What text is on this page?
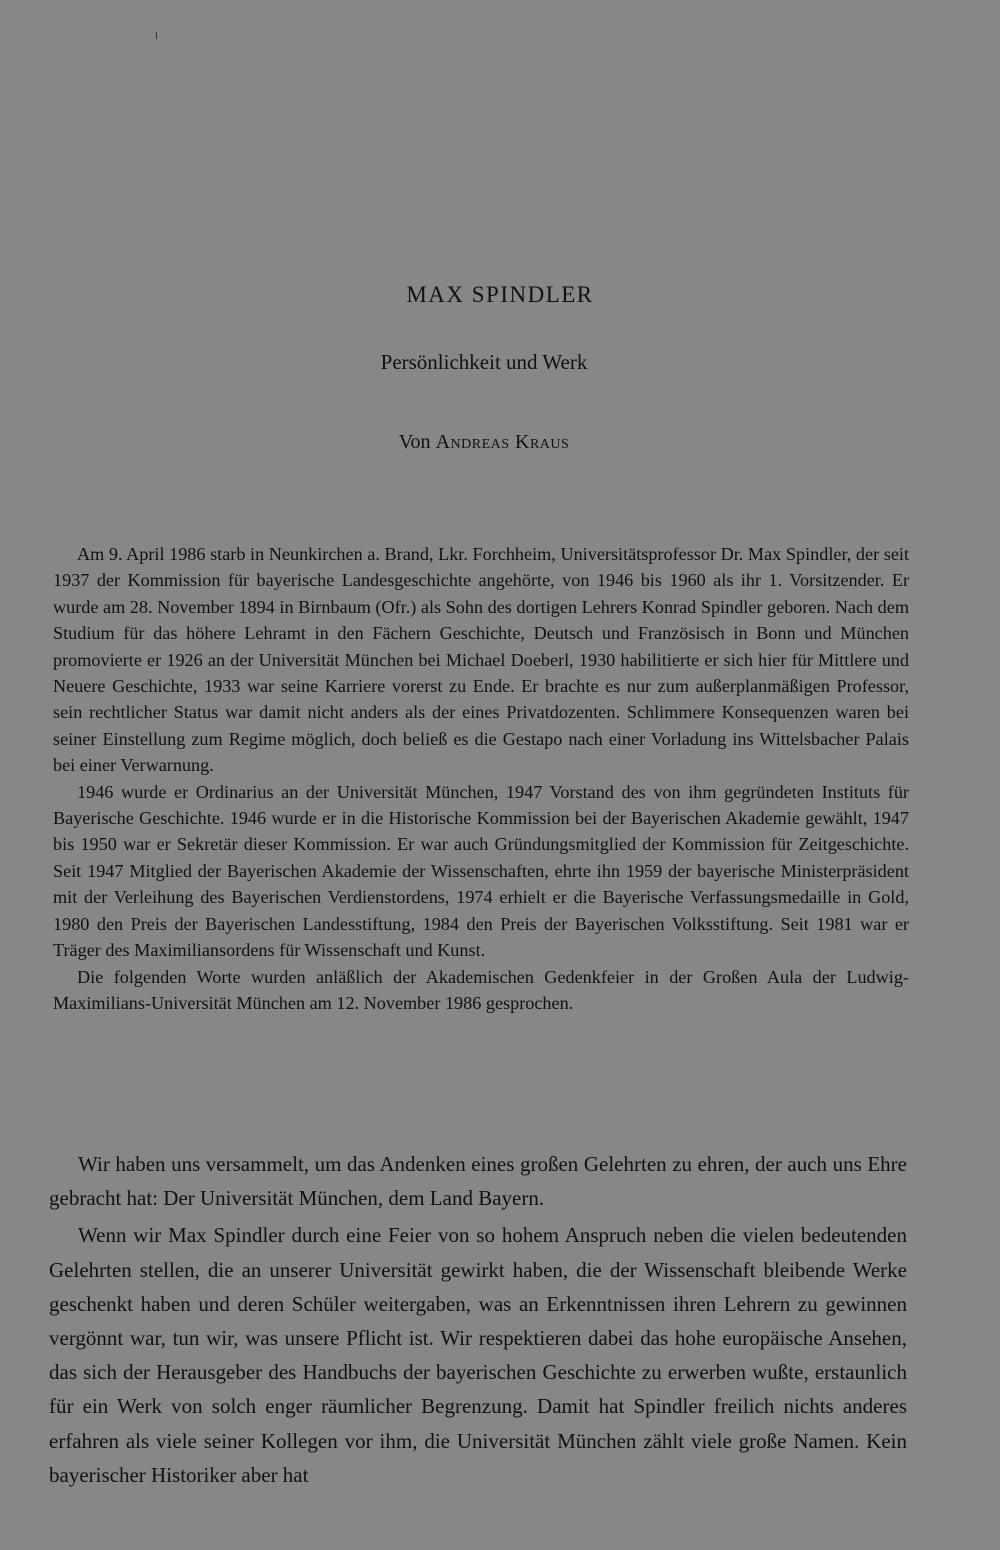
MAX SPINDLER
Persönlichkeit und Werk
Von Andreas Kraus

Am 9. April 1986 starb in Neunkirchen a. Brand, Lkr. Forchheim, Universitätsprofessor Dr. Max Spindler, der seit 1937 der Kommission für bayerische Landesgeschichte angehörte, von 1946 bis 1960 als ihr 1. Vorsitzender. Er wurde am 28. November 1894 in Birnbaum (Ofr.) als Sohn des dortigen Lehrers Konrad Spindler geboren. Nach dem Studium für das höhere Lehramt in den Fächern Geschichte, Deutsch und Französisch in Bonn und München promovierte er 1926 an der Universität München bei Michael Doeberl, 1930 habilitierte er sich hier für Mittlere und Neuere Geschichte, 1933 war seine Karriere vorerst zu Ende. Er brachte es nur zum außerplanmäßigen Professor, sein rechtlicher Status war damit nicht anders als der eines Privatdozenten. Schlimmere Konsequenzen waren bei seiner Einstellung zum Regime möglich, doch beließ es die Gestapo nach einer Vorladung ins Wittelsbacher Palais bei einer Verwarnung.

1946 wurde er Ordinarius an der Universität München, 1947 Vorstand des von ihm gegründeten Instituts für Bayerische Geschichte. 1946 wurde er in die Historische Kommission bei der Bayerischen Akademie gewählt, 1947 bis 1950 war er Sekretär dieser Kommission. Er war auch Gründungsmitglied der Kommission für Zeitgeschichte. Seit 1947 Mitglied der Bayerischen Akademie der Wissenschaften, ehrte ihn 1959 der bayerische Ministerpräsident mit der Verleihung des Bayerischen Verdienstordens, 1974 erhielt er die Bayerische Verfassungsmedaille in Gold, 1980 den Preis der Bayerischen Landesstiftung, 1984 den Preis der Bayerischen Volksstiftung. Seit 1981 war er Träger des Maximiliansordens für Wissenschaft und Kunst.

Die folgenden Worte wurden anläßlich der Akademischen Gedenkfeier in der Großen Aula der Ludwig-Maximilians-Universität München am 12. November 1986 gesprochen.

Wir haben uns versammelt, um das Andenken eines großen Gelehrten zu ehren, der auch uns Ehre gebracht hat: Der Universität München, dem Land Bayern.

Wenn wir Max Spindler durch eine Feier von so hohem Anspruch neben die vielen bedeutenden Gelehrten stellen, die an unserer Universität gewirkt haben, die der Wissenschaft bleibende Werke geschenkt haben und deren Schüler weitergaben, was an Erkenntnissen ihren Lehrern zu gewinnen vergönnt war, tun wir, was unsere Pflicht ist. Wir respektieren dabei das hohe europäische Ansehen, das sich der Herausgeber des Handbuchs der bayerischen Geschichte zu erwerben wußte, erstaunlich für ein Werk von solch enger räumlicher Begrenzung. Damit hat Spindler freilich nichts anderes erfahren als viele seiner Kollegen vor ihm, die Universität München zählt viele große Namen. Kein bayerischer Historiker aber hat
